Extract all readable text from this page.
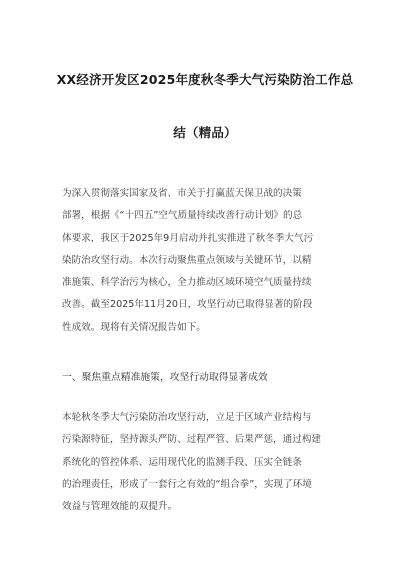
XX经济开发区2025年度秋冬季大气污染防治工作总
结（精品）
为深入贯彻落实国家及省、市关于打赢蓝天保卫战的决策
部署，根据《“十四五”空气质量持续改善行动计划》的总
体要求，我区于2025年9月启动并扎实推进了秋冬季大气污
染防治攻坚行动。本次行动聚焦重点领域与关键环节，以精
准施策、科学治污为核心，全力推动区域环境空气质量持续
改善。截至2025年11月20日，攻坚行动已取得显著的阶段
性成效。现将有关情况报告如下。
一、聚焦重点精准施策，攻坚行动取得显著成效
本轮秋冬季大气污染防治攻坚行动，立足于区域产业结构与
污染源特征，坚持源头严防、过程严管、后果严惩，通过构建
系统化的管控体系、运用现代化的监测手段、压实全链条
的治理责任，形成了一套行之有效的“组合拳”，实现了环境
效益与管理效能的双提升。
